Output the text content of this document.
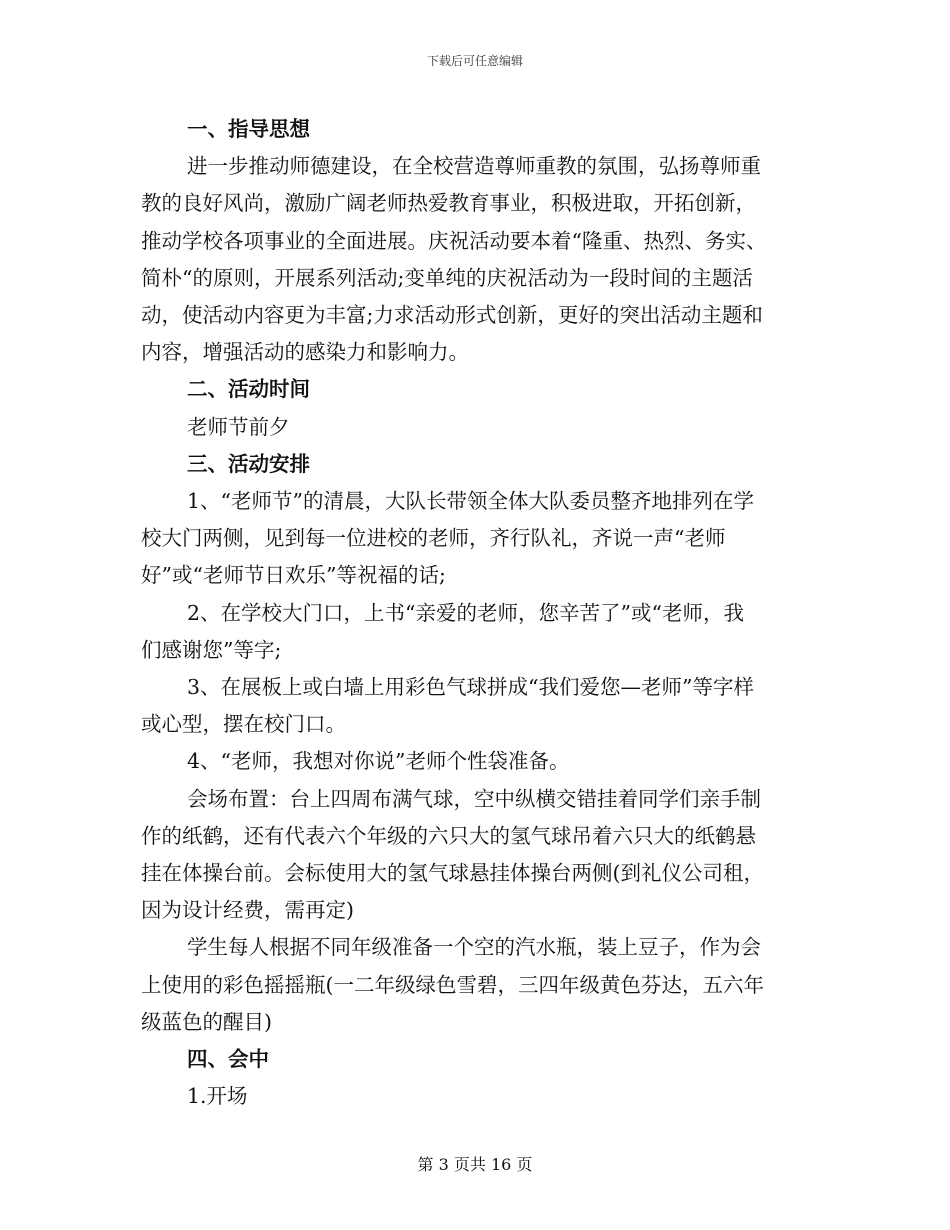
下载后可任意编辑
一、指导思想
进一步推动师德建设，在全校营造尊师重教的氛围，弘扬尊师重
教的良好风尚，激励广阔老师热爱教育事业，积极进取，开拓创新，
推动学校各项事业的全面进展。庆祝活动要本着“隆重、热烈、务实、
简朴“的原则，开展系列活动;变单纯的庆祝活动为一段时间的主题活
动，使活动内容更为丰富;力求活动形式创新，更好的突出活动主题和
内容，增强活动的感染力和影响力。
二、活动时间
老师节前夕
三、活动安排
1、“老师节”的清晨，大队长带领全体大队委员整齐地排列在学
校大门两侧，见到每一位进校的老师，齐行队礼，齐说一声“老师
好”或“老师节日欢乐”等祝福的话;
2、在学校大门口，上书“亲爱的老师，您辛苦了”或“老师，我
们感谢您”等字;
3、在展板上或白墙上用彩色气球拼成“我们爱您—老师”等字样
或心型，摆在校门口。
4、“老师，我想对你说”老师个性袋准备。
会场布置：台上四周布满气球，空中纵横交错挂着同学们亲手制
作的纸鹤，还有代表六个年级的六只大的氢气球吊着六只大的纸鹤悬
挂在体操台前。会标使用大的氢气球悬挂体操台两侧(到礼仪公司租，
因为设计经费，需再定)
学生每人根据不同年级准备一个空的汽水瓶，装上豆子，作为会
上使用的彩色摇摇瓶(一二年级绿色雪碧，三四年级黄色芬达，五六年
级蓝色的醒目)
四、会中
1.开场
第 3 页共 16 页
